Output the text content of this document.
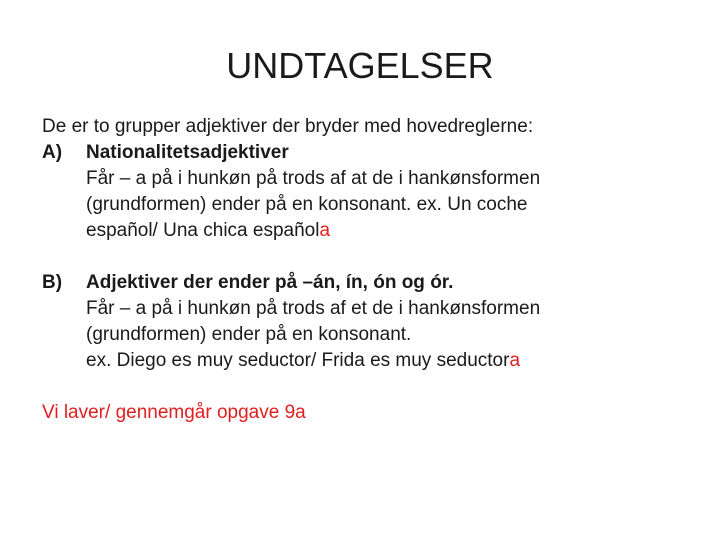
UNDTAGELSER
De er to grupper adjektiver der bryder med hovedreglerne:
A) Nationalitetsadjektiver
Får – a på i hunkøn på trods af at de i hankønsformen
(grundformen) ender på en konsonant. ex. Un coche
español/ Una chica española
B) Adjektiver der ender på –án, ín, ón og ór.
Får – a på i hunkøn på trods af et de i hankønsformen
(grundformen) ender på en konsonant.
ex. Diego es muy seductor/ Frida es muy seductora
Vi laver/ gennemgår opgave 9a
